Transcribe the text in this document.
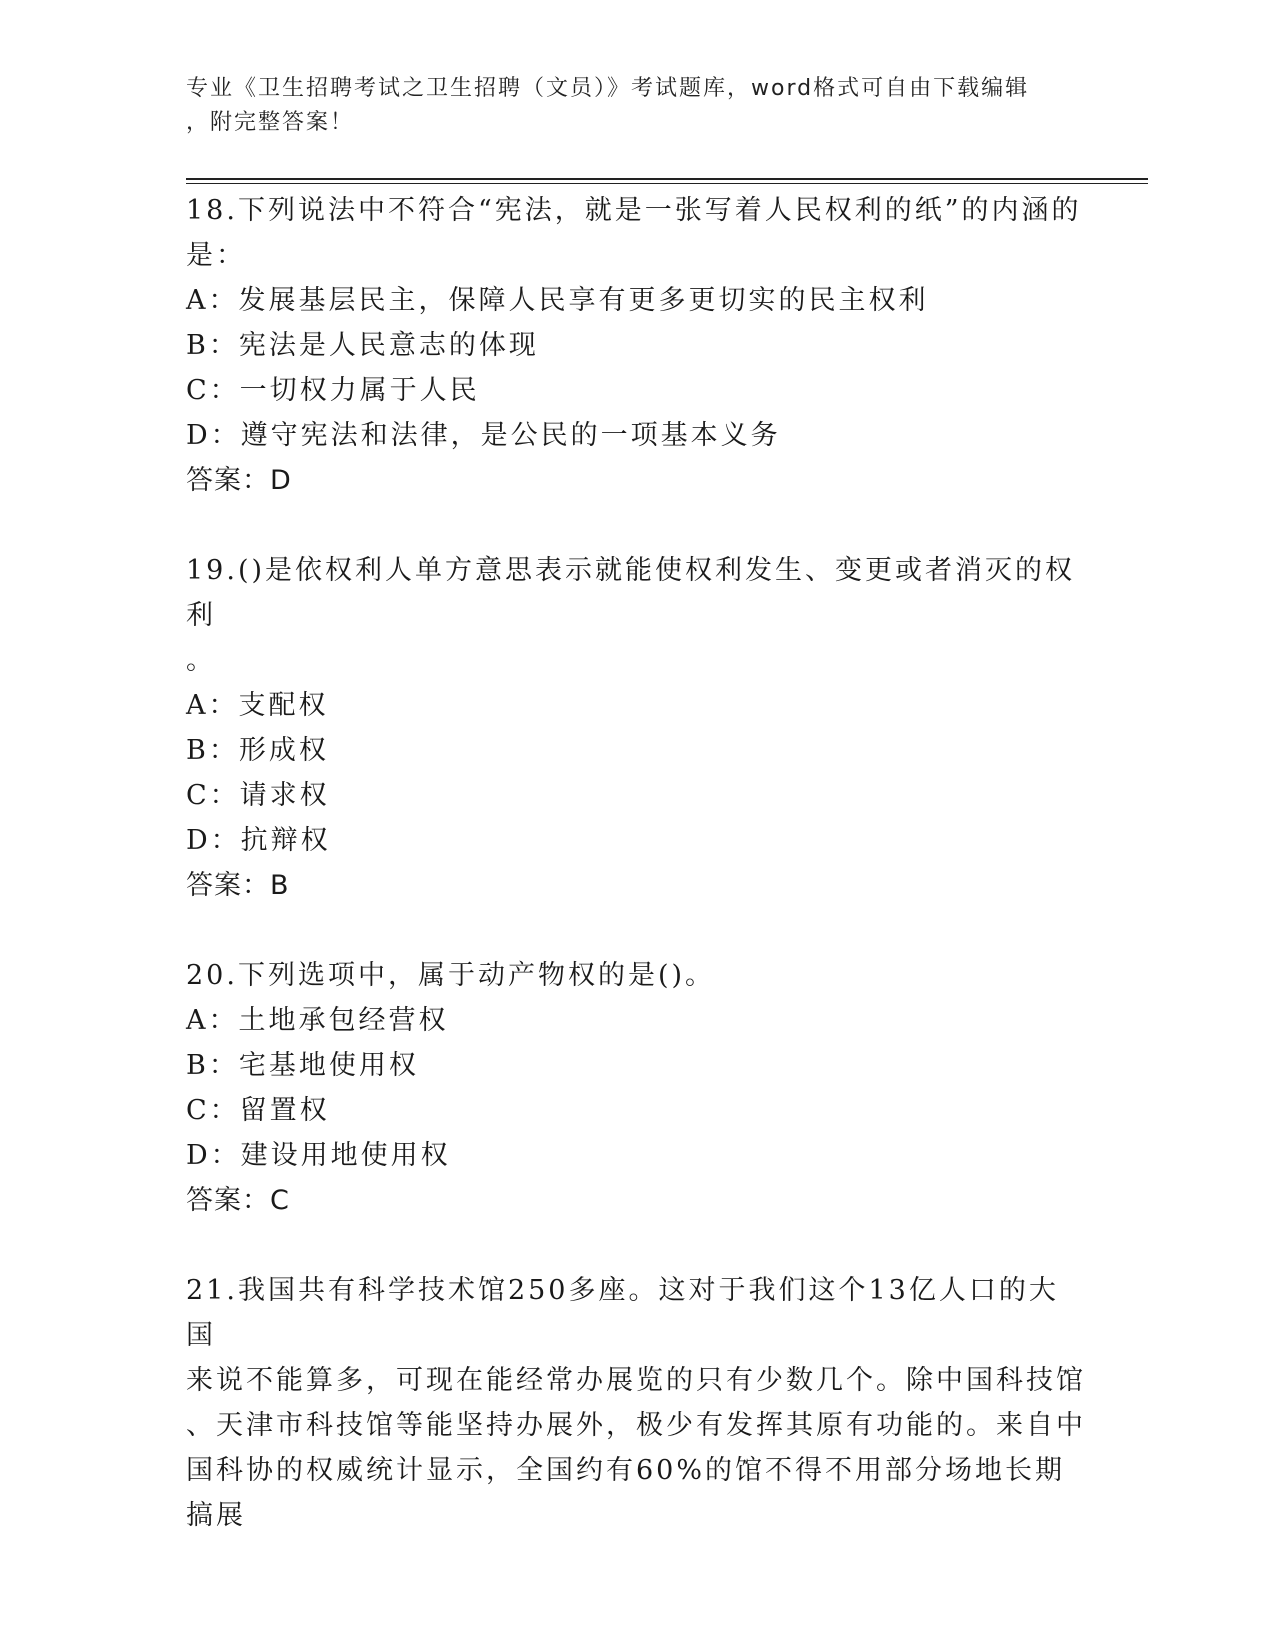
专业《卫生招聘考试之卫生招聘（文员）》考试题库，word格式可自由下载编辑
，附完整答案！

18.下列说法中不符合“宪法，就是一张写着人民权利的纸”的内涵的
是：

A：发展基层民主，保障人民享有更多更切实的民主权利

B：宪法是人民意志的体现

C：一切权力属于人民

D：遵守宪法和法律，是公民的一项基本义务

答案：D

19.()是依权利人单方意思表示就能使权利发生、变更或者消灭的权利
。

A：支配权

B：形成权

C：请求权

D：抗辩权

答案：B

20.下列选项中，属于动产物权的是()。

A：土地承包经营权

B：宅基地使用权

C：留置权

D：建设用地使用权

答案：C

21.我国共有科学技术馆250多座。这对于我们这个13亿人口的大国
来说不能算多，可现在能经常办展览的只有少数几个。除中国科技馆
、天津市科技馆等能坚持办展外，极少有发挥其原有功能的。来自中
国科协的权威统计显示，全国约有60%的馆不得不用部分场地长期搞展
